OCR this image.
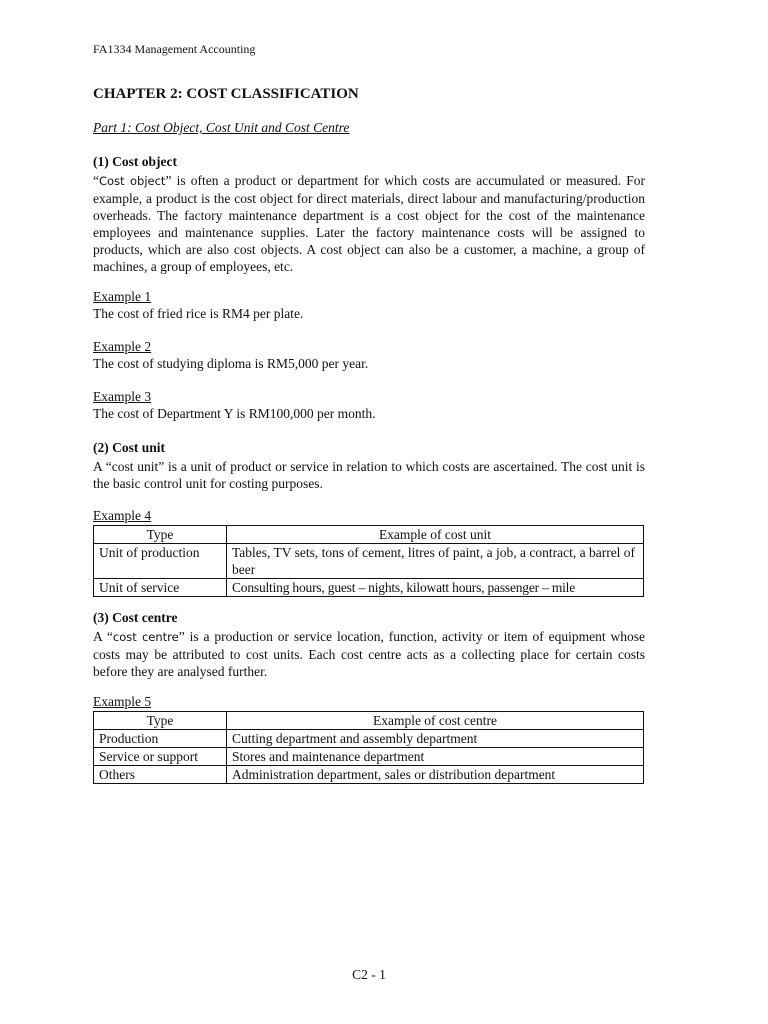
FA1334 Management Accounting
CHAPTER 2: COST CLASSIFICATION
Part 1: Cost Object, Cost Unit and Cost Centre
(1) Cost object

“Cost object” is often a product or department for which costs are accumulated or measured. For example, a product is the cost object for direct materials, direct labour and manufacturing/production overheads. The factory maintenance department is a cost object for the cost of the maintenance employees and maintenance supplies. Later the factory maintenance costs will be assigned to products, which are also cost objects. A cost object can also be a customer, a machine, a group of machines, a group of employees, etc.

Example 1
The cost of fried rice is RM4 per plate.
Example 2
The cost of studying diploma is RM5,000 per year.
Example 3
The cost of Department Y is RM100,000 per month.
(2) Cost unit

A “cost unit” is a unit of product or service in relation to which costs are ascertained. The cost unit is the basic control unit for costing purposes.

Example 4
Type	Example of cost unit
Unit of production	Tables, TV sets, tons of cement, litres of paint, a job, a contract, a barrel of beer
Unit of service	Consulting hours, guest – nights, kilowatt hours, passenger – mile
(3) Cost centre

A “cost centre” is a production or service location, function, activity or item of equipment whose costs may be attributed to cost units. Each cost centre acts as a collecting place for certain costs before they are analysed further.

Example 5
Type	Example of cost centre
Production	Cutting department and assembly department
Service or support	Stores and maintenance department
Others	Administration department, sales or distribution department
C2 - 1
